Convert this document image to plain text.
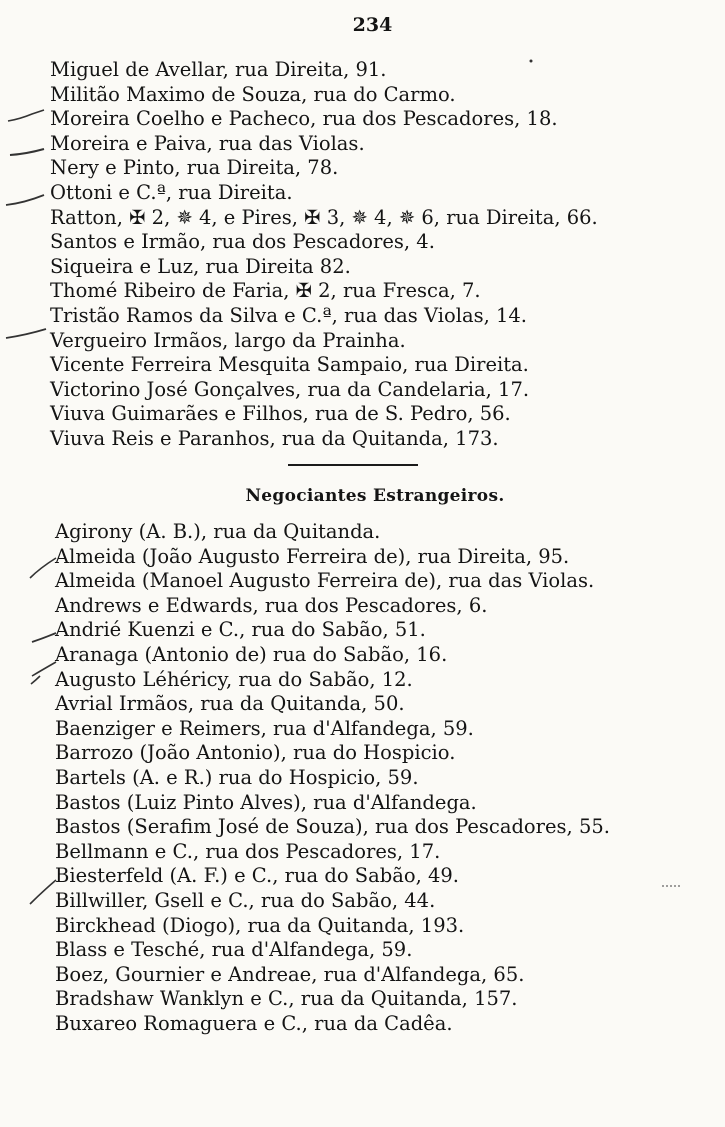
234
Miguel de Avellar, rua Direita, 91.
Militão Maximo de Souza, rua do Carmo.
Moreira Coelho e Pacheco, rua dos Pescadores, 18.
Moreira e Paiva, rua das Violas.
Nery e Pinto, rua Direita, 78.
Ottoni e C.ª, rua Direita.
Ratton, ✠ 2, ✵ 4, e Pires, ✠ 3, ✵ 4, ✵ 6, rua Direita, 66.
Santos e Irmão, rua dos Pescadores, 4.
Siqueira e Luz, rua Direita 82.
Thomé Ribeiro de Faria, ✠ 2, rua Fresca, 7.
Tristão Ramos da Silva e C.ª, rua das Violas, 14.
Vergueiro Irmãos, largo da Prainha.
Vicente Ferreira Mesquita Sampaio, rua Direita.
Victorino José Gonçalves, rua da Candelaria, 17.
Viuva Guimarães e Filhos, rua de S. Pedro, 56.
Viuva Reis e Paranhos, rua da Quitanda, 173.
Negociantes Estrangeiros.
Agirony (A. B.), rua da Quitanda.
Almeida (João Augusto Ferreira de), rua Direita, 95.
Almeida (Manoel Augusto Ferreira de), rua das Violas.
Andrews e Edwards, rua dos Pescadores, 6.
Andrié Kuenzi e C., rua do Sabão, 51.
Aranaga (Antonio de) rua do Sabão, 16.
Augusto Léhéricy, rua do Sabão, 12.
Avrial Irmãos, rua da Quitanda, 50.
Baenziger e Reimers, rua d'Alfandega, 59.
Barrozo (João Antonio), rua do Hospicio.
Bartels (A. e R.) rua do Hospicio, 59.
Bastos (Luiz Pinto Alves), rua d'Alfandega.
Bastos (Serafim José de Souza), rua dos Pescadores, 55.
Bellmann e C., rua dos Pescadores, 17.
Biesterfeld (A. F.) e C., rua do Sabão, 49.
Billwiller, Gsell e C., rua do Sabão, 44.
Birckhead (Diogo), rua da Quitanda, 193.
Blass e Tesché, rua d'Alfandega, 59.
Boez, Gournier e Andreae, rua d'Alfandega, 65.
Bradshaw Wanklyn e C., rua da Quitanda, 157.
Buxareo Romaguera e C., rua da Cadêa.
